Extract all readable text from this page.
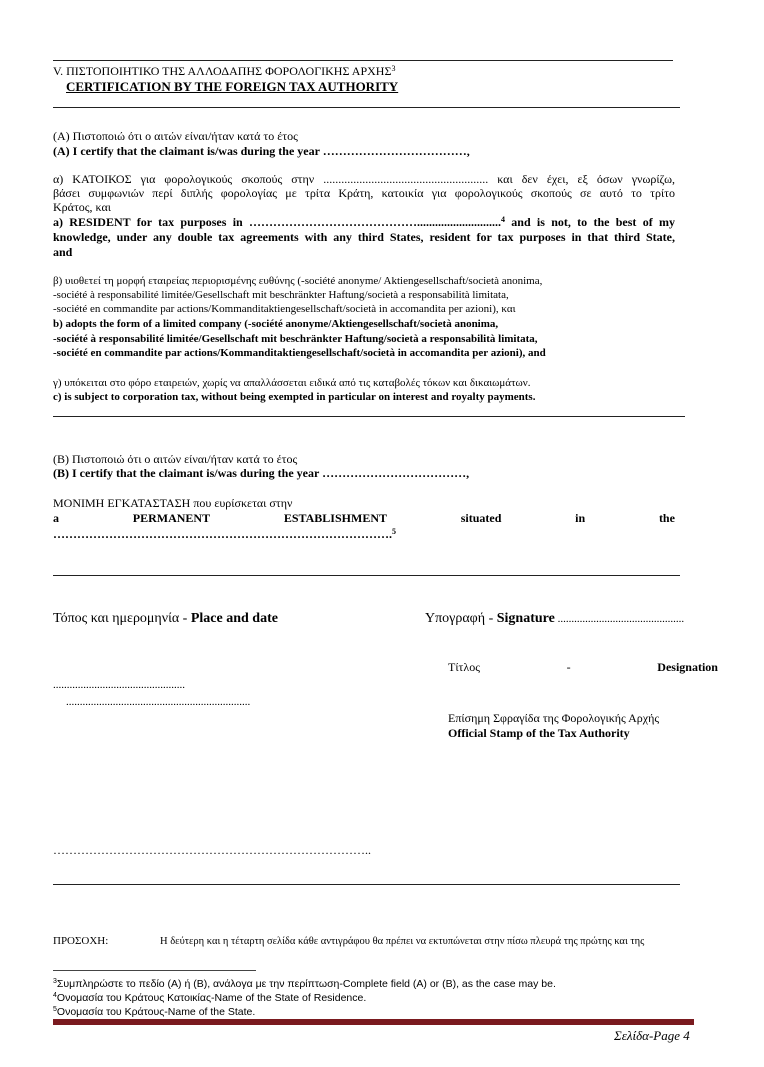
V. ΠΙΣΤΟΠΟΙΗΤΙΚΟ ΤΗΣ ΑΛΛΟΔΑΠΗΣ ΦΟΡΟΛΟΓΙΚΗΣ ΑΡΧΗΣ$^3$
CERTIFICATION BY THE FOREIGN TAX AUTHORITY
(Α) Πιστοποιώ ότι ο αιτών είναι/ήταν κατά το έτος
(A) I certify that the claimant is/was during the year ………………………………,
α) ΚΑΤΟΙΚΟΣ για φορολογικούς σκοπούς στην ....................................................... και δεν έχει, εξ όσων γνωρίζω,
βάσει συμφωνιών περί διπλής φορολογίας με τρίτα Κράτη, κατοικία για φορολογικούς σκοπούς σε αυτό το τρίτο
Κράτος, και
a) RESIDENT for tax purposes in ……………………………………............................$^4$ and is not, to the best of my
knowledge, under any double tax agreements with any third States, resident for tax purposes in that third State,
and
β) υιοθετεί τη μορφή εταιρείας περιορισμένης ευθύνης (-société anonyme/ Aktiengesellschaft/società anonima,
-société à responsabilité limitée/Gesellschaft mit beschränkter Haftung/società a responsabilità limitata,
-société en commandite par actions/Kommanditaktiengesellschaft/società in accomandita per azioni), και
b) adopts the form of a limited company (-société anonyme/Aktiengesellschaft/società anonima,
-société à responsabilité limitée/Gesellschaft mit beschränkter Haftung/società a responsabilità limitata,
-société en commandite par actions/Kommanditaktiengesellschaft/società in accomandita per azioni), and
γ) υπόκειται στο φόρο εταιρειών, χωρίς να απαλλάσσεται ειδικά από τις καταβολές τόκων και δικαιωμάτων.
c) is subject to corporation tax, without being exempted in particular on interest and royalty payments.
(Β) Πιστοποιώ ότι ο αιτών είναι/ήταν κατά το έτος
(B) I certify that the claimant is/was during the year ………………………………,
ΜΟΝΙΜΗ ΕΓΚΑΤΑΣΤΑΣΗ που ευρίσκεται στην
a	PERMANENT	ESTABLISHMENT	situated	in	the
………………………………………………………………………….$^5$
Τόπος και ημερομηνία - Place and date	Υπογραφή - Signature ..............................................
Τίτλος	-	Designation
................................................
...................................................................
Επίσημη Σφραγίδα της Φορολογικής Αρχής
Official Stamp of the Tax Authority
……………………………………………………………………..
ΠΡΟΣΟΧΗ:	Η δεύτερη και η τέταρτη σελίδα κάθε αντιγράφου θα πρέπει να εκτυπώνεται στην πίσω πλευρά της πρώτης και της
$^3$Συμπληρώστε το πεδίο (Α) ή (Β), ανάλογα με την περίπτωση-Complete field (A) or (B), as the case may be.
$^4$Ονομασία του Κράτους Κατοικίας-Name of the State of Residence.
$^5$Ονομασία του Κράτους-Name of the State.
Σελίδα-Page 4
